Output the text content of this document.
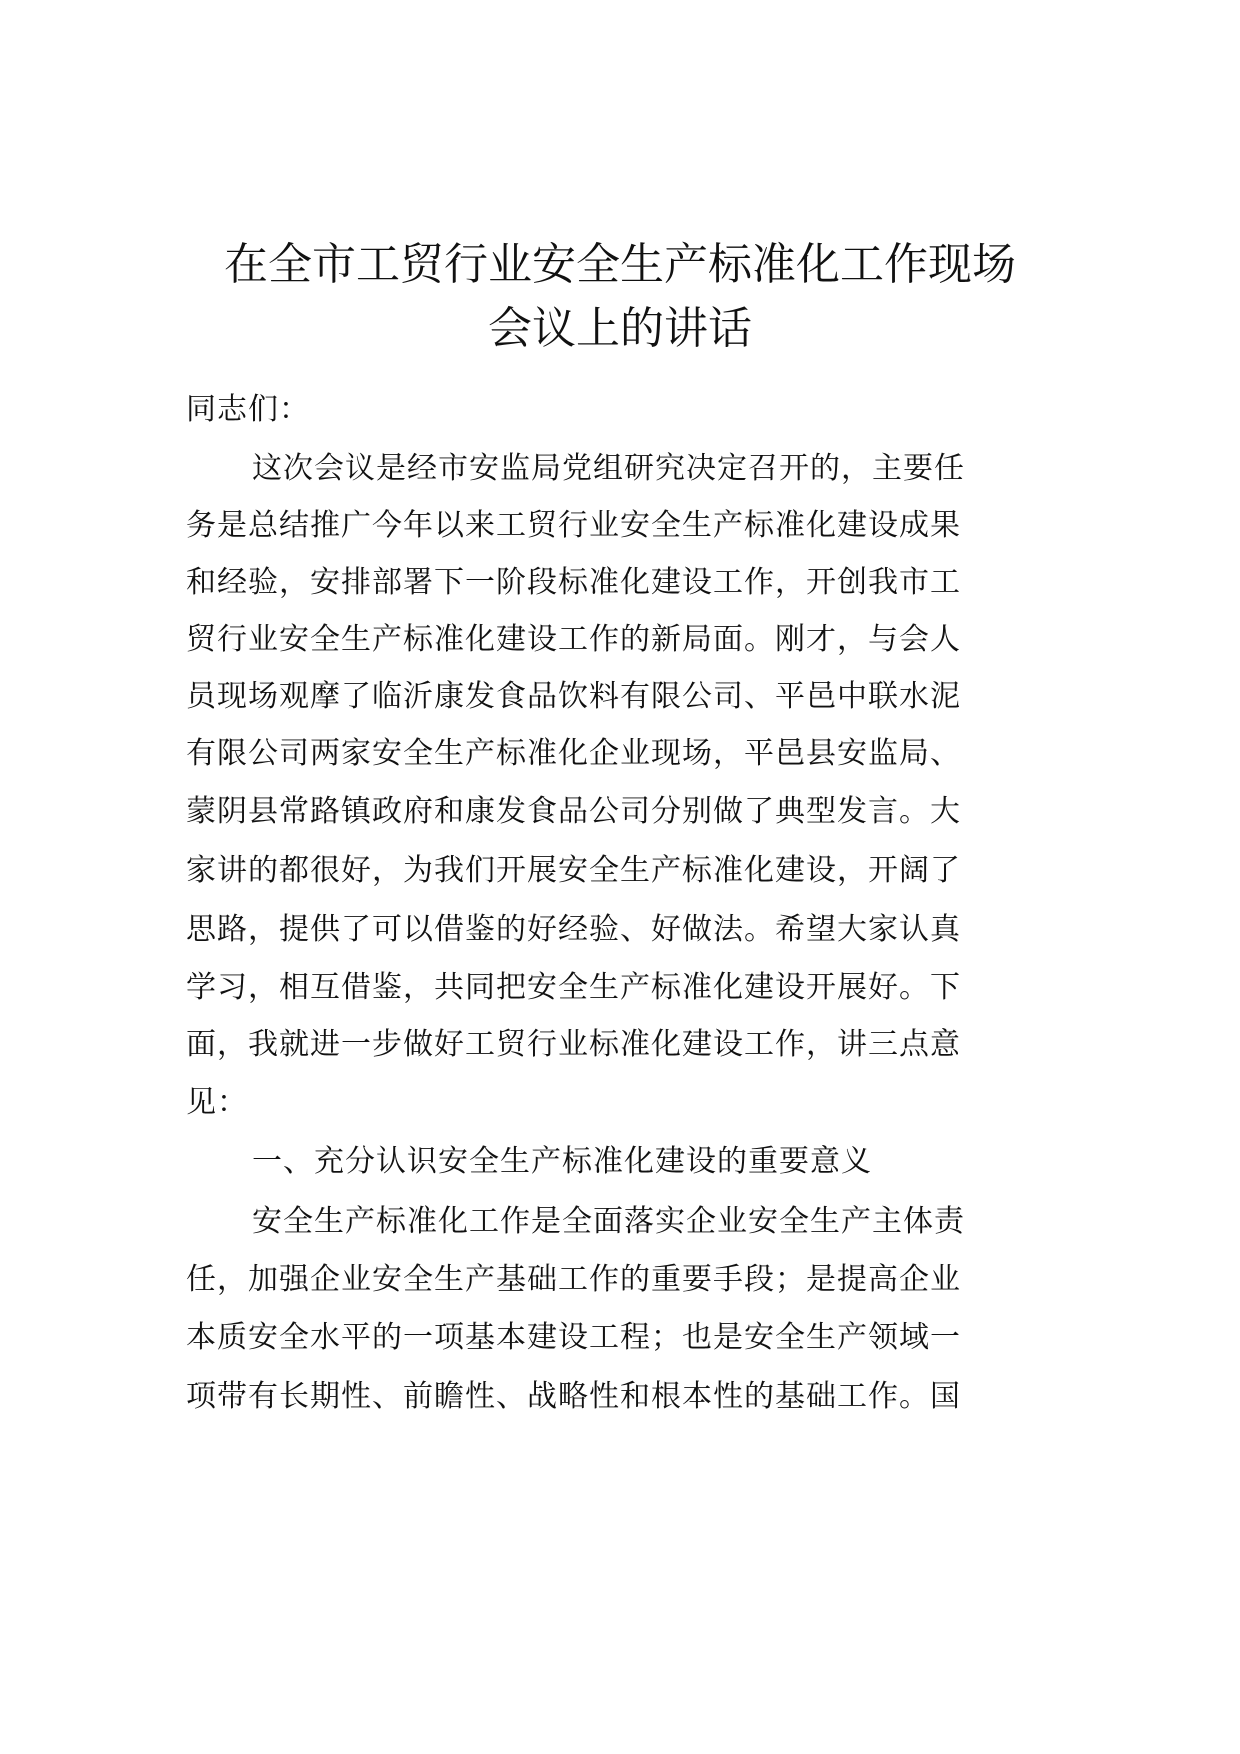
在全市工贸行业安全生产标准化工作现场
会议上的讲话
同志们：
这次会议是经市安监局党组研究决定召开的，主要任
务是总结推广今年以来工贸行业安全生产标准化建设成果
和经验，安排部署下一阶段标准化建设工作，开创我市工
贸行业安全生产标准化建设工作的新局面。刚才，与会人
员现场观摩了临沂康发食品饮料有限公司、平邑中联水泥
有限公司两家安全生产标准化企业现场，平邑县安监局、
蒙阴县常路镇政府和康发食品公司分别做了典型发言。大
家讲的都很好，为我们开展安全生产标准化建设，开阔了
思路，提供了可以借鉴的好经验、好做法。希望大家认真
学习，相互借鉴，共同把安全生产标准化建设开展好。下
面，我就进一步做好工贸行业标准化建设工作，讲三点意
见：
一、充分认识安全生产标准化建设的重要意义
安全生产标准化工作是全面落实企业安全生产主体责
任，加强企业安全生产基础工作的重要手段；是提高企业
本质安全水平的一项基本建设工程；也是安全生产领域一
项带有长期性、前瞻性、战略性和根本性的基础工作。国
